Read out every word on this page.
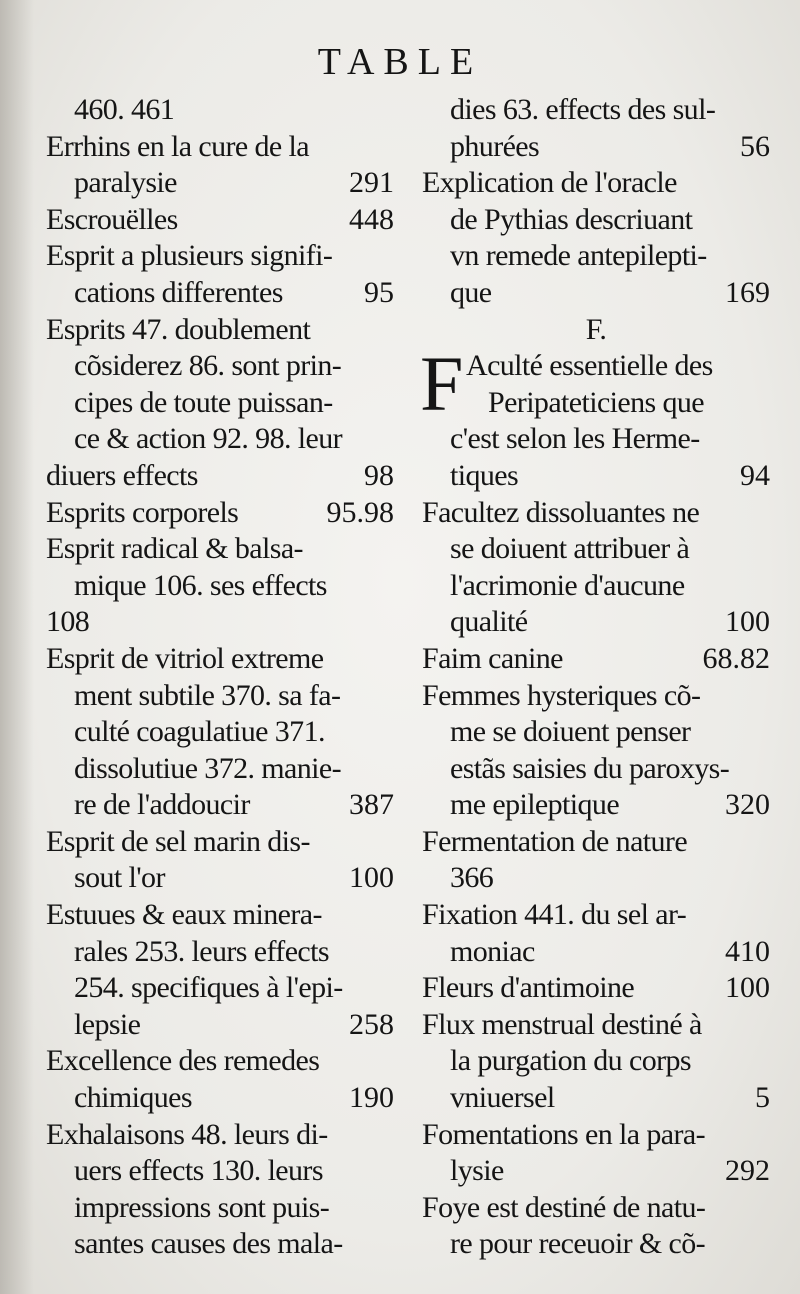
TABLE
460. 461
Errhins en la cure de la
paralysie	291
Escrouëlles	448
Esprit a plusieurs signifi-
cations differentes	95
Esprits 47. doublement
cõsiderez 86. sont prin-
cipes de toute puissan-
ce & action 92. 98. leur
diuers effects	98
Esprits corporels	95.98
Esprit radical & balsa-
mique 106. ses effects
108
Esprit de vitriol extreme
ment subtile 370. sa fa-
culté coagulatiue 371.
dissolutiue 372. manie-
re de l'addoucir	387
Esprit de sel marin dis-
sout l'or	100
Estuues & eaux minera-
rales 253. leurs effects
254. specifiques à l'epi-
lepsie	258
Excellence des remedes
chimiques	190
Exhalaisons 48. leurs di-
uers effects 130. leurs
impressions sont puis-
santes causes des mala-
dies 63. effects des sul-
phurées	56
Explication de l'oracle
de Pythias descriuant
vn remede antepilepti-
que	169
F.
F Aculté essentielle des
Peripateticiens que
c'est selon les Herme-
tiques	94
Facultez dissoluantes ne
se doiuent attribuer à
l'acrimonie d'aucune
qualité	100
Faim canine	68.82
Femmes hysteriques cõ-
me se doiuent penser
estãs saisies du paroxys-
me epileptique	320
Fermentation de nature
366
Fixation 441. du sel ar-
moniac	410
Fleurs d'antimoine	100
Flux menstrual destiné à
la purgation du corps
vniuersel	5
Fomentations en la para-
lysie	292
Foye est destiné de natu-
re pour receuoir & cõ-
